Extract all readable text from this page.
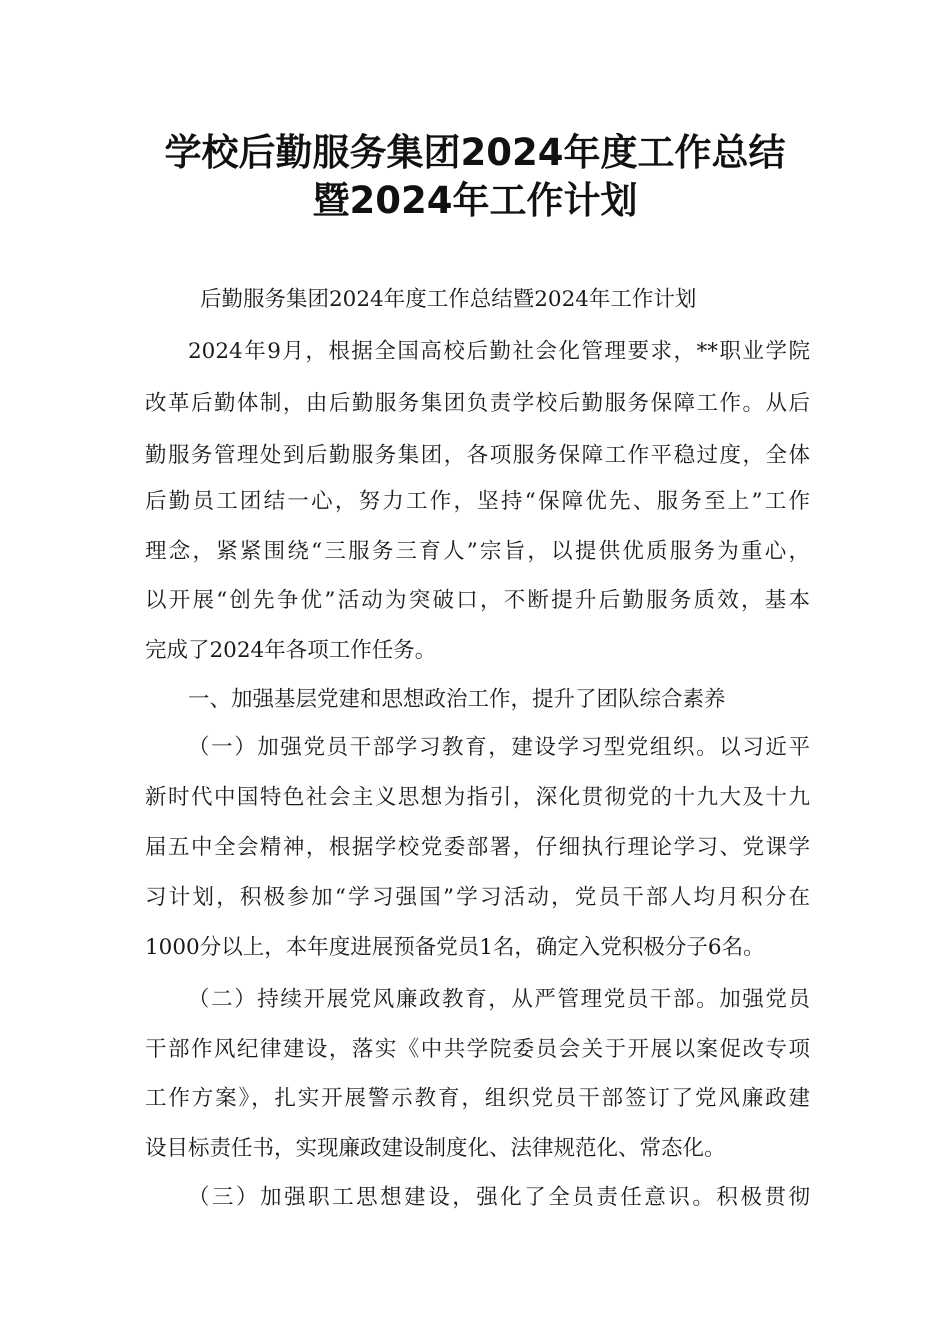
学校后勤服务集团2024年度工作总结
暨2024年工作计划
后勤服务集团2024年度工作总结暨2024年工作计划
2024年9月，根据全国高校后勤社会化管理要求，**职业学院
改革后勤体制，由后勤服务集团负责学校后勤服务保障工作。从后
勤服务管理处到后勤服务集团，各项服务保障工作平稳过度，全体
后勤员工团结一心，努力工作，坚持“保障优先、服务至上”工作
理念，紧紧围绕“三服务三育人”宗旨，以提供优质服务为重心，
以开展“创先争优”活动为突破口，不断提升后勤服务质效，基本
完成了2024年各项工作任务。
一、加强基层党建和思想政治工作，提升了团队综合素养
（一）加强党员干部学习教育，建设学习型党组织。以习近平
新时代中国特色社会主义思想为指引，深化贯彻党的十九大及十九
届五中全会精神，根据学校党委部署，仔细执行理论学习、党课学
习计划，积极参加“学习强国”学习活动，党员干部人均月积分在
1000分以上，本年度进展预备党员1名，确定入党积极分子6名。
（二）持续开展党风廉政教育，从严管理党员干部。加强党员
干部作风纪律建设，落实《中共学院委员会关于开展以案促改专项
工作方案》，扎实开展警示教育，组织党员干部签订了党风廉政建
设目标责任书，实现廉政建设制度化、法律规范化、常态化。
（三）加强职工思想建设，强化了全员责任意识。积极贯彻
